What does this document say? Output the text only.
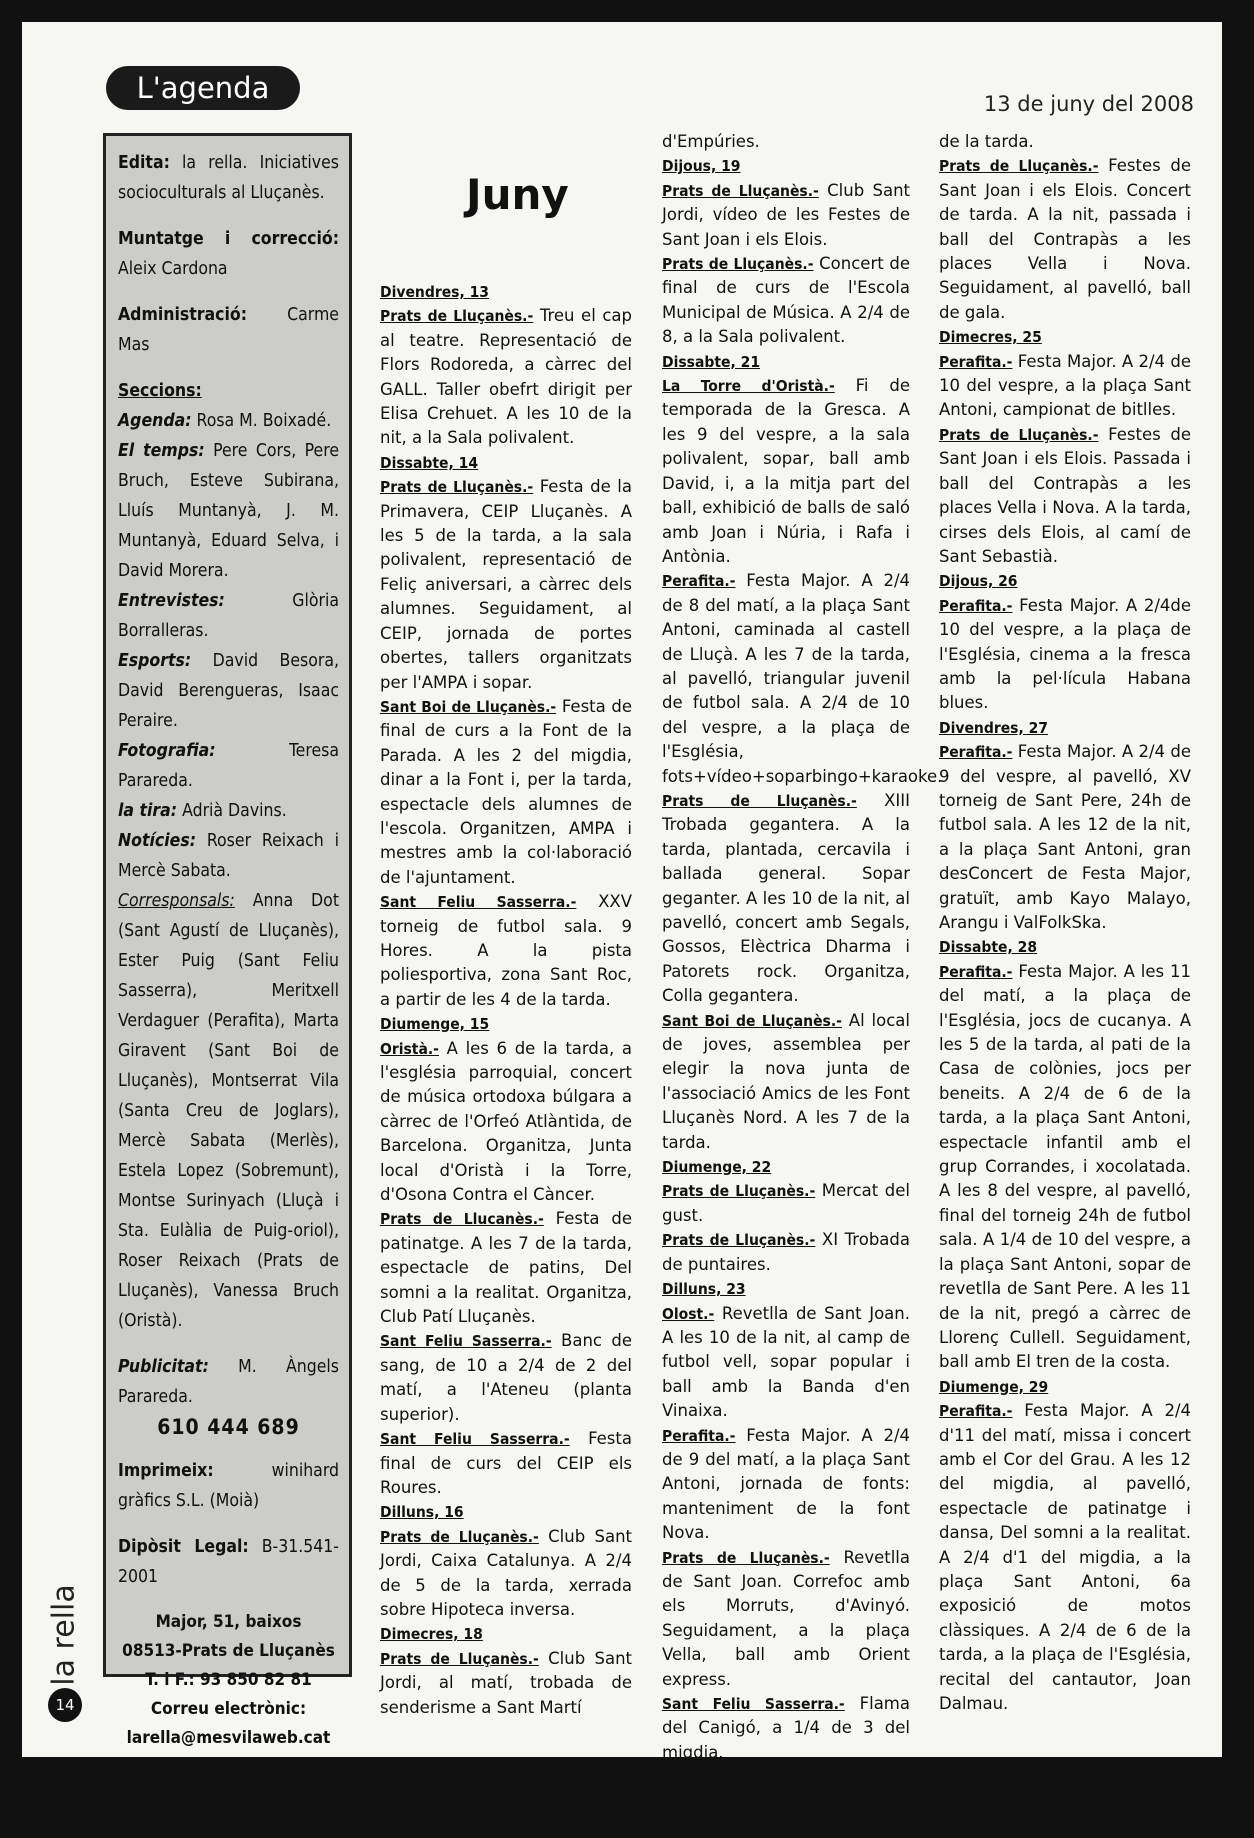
L'agenda	13 de juny del 2008

Edita: la rella. Iniciatives socioculturals al Lluçanès.

Muntatge i correcció: Aleix Cardona

Administració: Carme Mas

Seccions:

Agenda: Rosa M. Boixadé.

El temps: Pere Cors, Pere Bruch, Esteve Subirana, Lluís Muntanyà, J. M. Muntanyà, Eduard Selva, i David Morera.

Entrevistes:	Glòria Borralleras.

Esports: David Besora, David Berengueras, Isaac Peraire.

Fotografia:	Teresa Parareda.

la tira: Adrià Davins.

Notícies: Roser Reixach i Mercè Sabata.

Corresponsals: Anna Dot (Sant Agustí de Lluçanès), Ester Puig (Sant Feliu Sasserra), Meritxell Verdaguer (Perafita), Marta Giravent (Sant Boi de Lluçanès), Montserrat Vila (Santa Creu de Joglars), Mercè Sabata (Merlès), Estela Lopez (Sobremunt), Montse Surinyach (Lluçà i Sta. Eulàlia de Puig-oriol), Roser Reixach (Prats de Lluçanès), Vanessa Bruch (Oristà).

Publicitat: M. Àngels Parareda.

610 444 689

Imprimeix:	winihard gràfics S.L. (Moià)

Dipòsit Legal: B-31.541-2001

Major, 51, baixos

08513-Prats de Lluçanès

T. i F.: 93 850 82 81

Correu electrònic:

larella@mesvilaweb.cat

Bloc:

http://blocs.mesvilaweb.cat

/larella

la rella
14
Juny
Divendres, 13

Prats de Lluçanès.- Treu el cap al teatre. Representació de Flors Rodoreda, a càrrec del GALL. Taller obefrt dirigit per Elisa Crehuet. A les 10 de la nit, a la Sala polivalent.

Dissabte, 14

Prats de Lluçanès.- Festa de la Primavera, CEIP Lluçanès. A les 5 de la tarda, a la sala polivalent, representació de Feliç aniversari, a càrrec dels alumnes. Seguidament, al CEIP, jornada de portes obertes, tallers organitzats per l'AMPA i sopar.

Sant Boi de Lluçanès.- Festa de final de curs a la Font de la Parada. A les 2 del migdia, dinar a la Font i, per la tarda, espectacle dels alumnes de l'escola. Organitzen, AMPA i mestres amb la col·laboració de l'ajuntament.

Sant Feliu Sasserra.- XXV torneig de futbol sala. 9 Hores. A la pista poliesportiva, zona Sant Roc, a partir de les 4 de la tarda.

Diumenge, 15

Oristà.- A les 6 de la tarda, a l'església parroquial, concert de música ortodoxa búlgara a càrrec de l'Orfeó Atlàntida, de Barcelona. Organitza, Junta local d'Oristà i la Torre, d'Osona Contra el Càncer.

Prats de Llucanès.- Festa de patinatge. A les 7 de la tarda, espectacle de patins, Del somni a la realitat. Organitza, Club Patí Lluçanès.

Sant Feliu Sasserra.- Banc de sang, de 10 a 2/4 de 2 del matí, a l'Ateneu (planta superior).

Sant Feliu Sasserra.- Festa final de curs del CEIP els Roures.

Dilluns, 16

Prats de Lluçanès.- Club Sant Jordi, Caixa Catalunya. A 2/4 de 5 de la tarda, xerrada sobre Hipoteca inversa.

Dimecres, 18

Prats de Lluçanès.- Club Sant Jordi, al matí, trobada de senderisme a Sant Martí

d'Empúries.

Dijous, 19

Prats de Lluçanès.- Club Sant Jordi, vídeo de les Festes de Sant Joan i els Elois.

Prats de Lluçanès.- Concert de final de curs de l'Escola Municipal de Música. A 2/4 de 8, a la Sala polivalent.

Dissabte, 21

La Torre d'Oristà.- Fi de temporada de la Gresca. A les 9 del vespre, a la sala polivalent, sopar, ball amb David, i, a la mitja part del ball, exhibició de balls de saló amb Joan i Núria, i Rafa i Antònia.

Perafita.- Festa Major. A 2/4 de 8 del matí, a la plaça Sant Antoni, caminada al castell de Lluçà. A les 7 de la tarda, al pavelló, triangular juvenil de futbol sala. A 2/4 de 10 del vespre, a la plaça de l'Església, fots+vídeo+soparbingo+karaoke.

Prats de Lluçanès.- XIII Trobada gegantera. A la tarda, plantada, cercavila i ballada general. Sopar geganter. A les 10 de la nit, al pavelló, concert amb Segals, Gossos, Elèctrica Dharma i Patorets rock. Organitza, Colla gegantera.

Sant Boi de Lluçanès.- Al local de joves, assemblea per elegir la nova junta de l'associació Amics de les Font Lluçanès Nord. A les 7 de la tarda.

Diumenge, 22

Prats de Lluçanès.- Mercat del gust.

Prats de Lluçanès.- XI Trobada de puntaires.

Dilluns, 23

Olost.- Revetlla de Sant Joan. A les 10 de la nit, al camp de futbol vell, sopar popular i ball amb la Banda d'en Vinaixa.

Perafita.- Festa Major. A 2/4 de 9 del matí, a la plaça Sant Antoni, jornada de fonts: manteniment de la font Nova.

Prats de Lluçanès.- Revetlla de Sant Joan. Correfoc amb els Morruts, d'Avinyó. Seguidament, a la plaça Vella, ball amb Orient express.

Sant Feliu Sasserra.- Flama del Canigó, a 1/4 de 3 del migdia.

Dimarts, 24

Olost.- Festa de Sant Joan al Casal. Berenar i ball, a les 6

de la tarda.

Prats de Lluçanès.- Festes de Sant Joan i els Elois. Concert de tarda. A la nit, passada i ball del Contrapàs a les places Vella i Nova. Seguidament, al pavelló, ball de gala.

Dimecres, 25

Perafita.- Festa Major. A 2/4 de 10 del vespre, a la plaça Sant Antoni, campionat de bitlles.

Prats de Lluçanès.- Festes de Sant Joan i els Elois. Passada i ball del Contrapàs a les places Vella i Nova. A la tarda, cirses dels Elois, al camí de Sant Sebastià.

Dijous, 26

Perafita.- Festa Major. A 2/4de 10 del vespre, a la plaça de l'Església, cinema a la fresca amb la pel·lícula Habana blues.

Divendres, 27

Perafita.- Festa Major. A 2/4 de 9 del vespre, al pavelló, XV torneig de Sant Pere, 24h de futbol sala. A les 12 de la nit, a la plaça Sant Antoni, gran desConcert de Festa Major, gratuït, amb Kayo Malayo, Arangu i ValFolkSka.

Dissabte, 28

Perafita.- Festa Major. A les 11 del matí, a la plaça de l'Església, jocs de cucanya. A les 5 de la tarda, al pati de la Casa de colònies, jocs per beneits. A 2/4 de 6 de la tarda, a la plaça Sant Antoni, espectacle infantil amb el grup Corrandes, i xocolatada. A les 8 del vespre, al pavelló, final del torneig 24h de futbol sala. A 1/4 de 10 del vespre, a la plaça Sant Antoni, sopar de revetlla de Sant Pere. A les 11 de la nit, pregó a càrrec de Llorenç Cullell. Seguidament, ball amb El tren de la costa.

Diumenge, 29

Perafita.- Festa Major. A 2/4 d'11 del matí, missa i concert amb el Cor del Grau. A les 12 del migdia, al pavelló, espectacle de patinatge i dansa, Del somni a la realitat. A 2/4 d'1 del migdia, a la plaça Sant Antoni, 6a exposició de motos clàssiques. A 2/4 de 6 de la tarda, a la plaça de l'Església, recital del cantautor, Joan Dalmau.
